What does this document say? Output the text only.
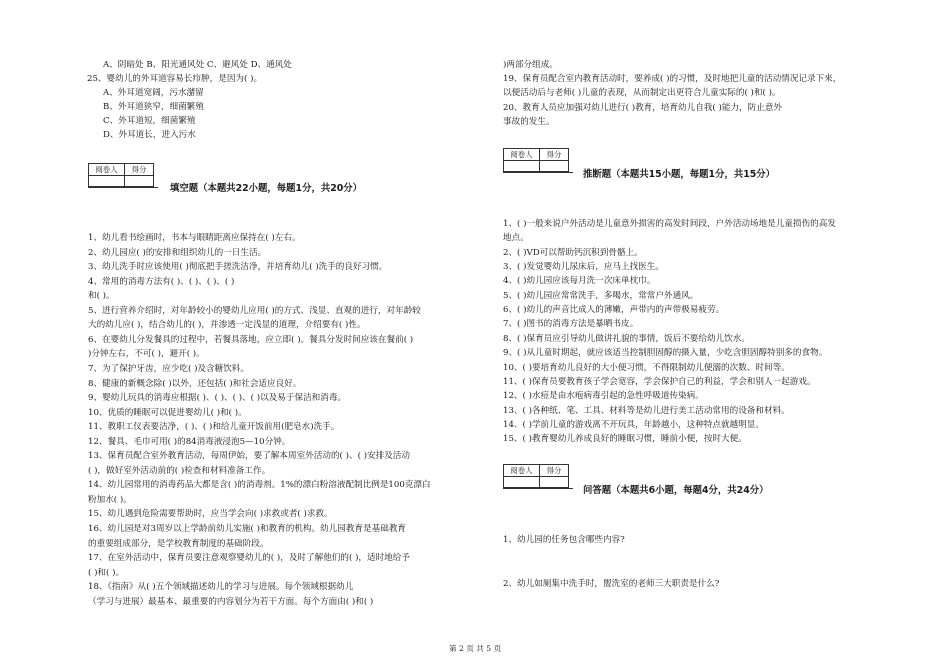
A、阴暗处 B、阳光通风处 C、避风处 D、通风处
25、婴幼儿的外耳道容易长疖肿，是因为( )。
A、外耳道宽阔，污水潴留
B、外耳道狭窄，细菌繁殖
C、外耳道短，细菌繁殖
D、外耳道长，进入污水
阅卷人	得分

填空题（本题共22小题，每题1分，共20分）
1、幼儿看书绘画时，书本与眼睛距离应保持在( )左右。
2、幼儿园应( )的安排和组织幼儿的一日生活。
3、幼儿洗手时应该使用( )彻底把手搓洗洁净，并培育幼儿( )洗手的良好习惯。
4、常用的消毒方法有( )、( )、( )、( )
和( )。
5、进行营养介绍时，对年龄较小的婴幼儿应用( )的方式、浅显、直观的进行，对年龄较
大的幼儿应( )，结合幼儿的( )，并渗透一定浅显的道理，介绍要有( )性。
6、在婴幼儿分发餐具的过程中，若餐具落地，应立即( )。餐具分发时间应该在餐前( )
)分钟左右，不可( )，避开( )。
7、为了保护牙齿，应少吃( )及含糖饮料。
8、健康的新概念除( )以外，还包括( )和社会适应良好。
9、婴幼儿玩具的消毒应根据( )、( )、( )、( )以及易于保洁和消毒。
10、优质的睡眠可以促进婴幼儿( )和( )。
11、教职工仪表要洁净，( )、( )和给儿童开饭前用(肥皂水)洗手。
12、餐具、毛巾可用( )的84消毒液浸泡5—10分钟。
13、保育员配合室外教育活动，每周伊始，要了解本周室外活动的( )、( )安排及活动
( )，做好室外活动前的( )检查和材料准备工作。
14、幼儿园常用的消毒药品大都是含( )的消毒剂。1%的漂白粉溶液配制比例是100克漂白
粉加水( )。
15、幼儿遇到危险需要帮助时，应当学会向( )求救或者( )求救。
16、幼儿园是对3周岁以上学龄前幼儿实施( )和教育的机构。幼儿园教育是基础教育
的重要组成部分，是学校教育制度的基础阶段。
17、在室外活动中，保育员要注意观察婴幼儿的( )，及时了解他们的( )，适时地给予
( )和( )。
18、《指南》从( )五个领域描述幼儿的学习与进展。每个领域根据幼儿
（学习与进展）最基本、最重要的内容划分为若干方面。每个方面由( )和( )
)两部分组成。
19、保育员配合室内教育活动时，要养成( )的习惯，及时地把儿童的活动情况记录下来，
以便活动后与老师( )儿童的表现，从而制定出更符合儿童实际的( )和( )。
20、教育人员应加强对幼儿进行( )教育，培育幼儿自我( )能力，防止意外
事故的发生。
阅卷人	得分

推断题（本题共15小题，每题1分，共15分）
1、( )一般来说户外活动是儿童意外损害的高发时间段，户外活动场地是儿童损伤的高发
地点。
2、( )VD可以帮助钙沉积到骨骼上。
3、( )发觉婴幼儿尿床后，应马上找医生。
4、( )幼儿园应该每月洗一次床单枕巾。
5、( )幼儿园应常常洗手，多喝水，常常户外通风。
6、( )幼儿的声音比成人的薄嫩，声带内的声带极易疲劳。
7、( )图书的消毒方法是暴晒书皮。
8、( )保育员应引导幼儿做讲礼貌的事情，饭后不要给幼儿饮水。
9、( )从儿童时期起，就应该适当控制胆固醇的摄入量，少吃含胆固醇特别多的食物。
10、( )要培育幼儿良好的大小便习惯，不得限制幼儿便溺的次数、时间等。
11、( )保育员要教育孩子学会宽容，学会保护自己的利益，学会和别人一起游戏。
12、( )水痘是由水疱病毒引起的急性呼吸道传染病。
13、( )各种纸、笔、工具、材料等是幼儿进行美工活动常用的设备和材料。
14、( )学前儿童的游戏离不开玩具，年龄越小，这种特点就越明显。
15、( )教育婴幼儿养成良好的睡眠习惯，睡前小便，按时大便。
阅卷人	得分

问答题（本题共6小题，每题4分，共24分）
1、幼儿园的任务包含哪些内容?
2、幼儿如厕集中洗手时，盥洗室的老师三大职责是什么?
第 2 页 共 5 页
